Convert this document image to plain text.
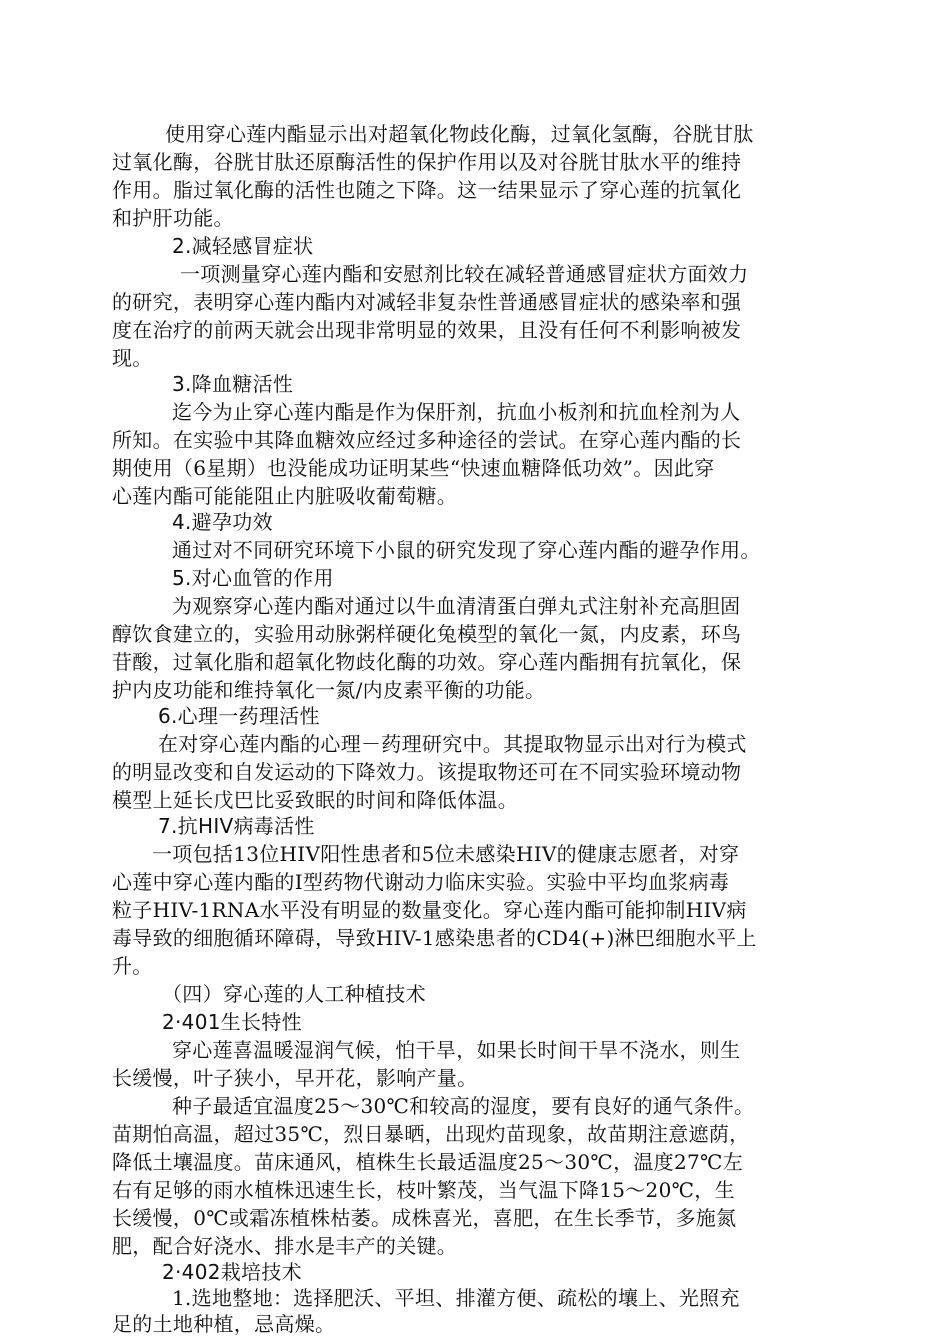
使用穿心莲内酯显示出对超氧化物歧化酶，过氧化氢酶，谷胱甘肽
过氧化酶，谷胱甘肽还原酶活性的保护作用以及对谷胱甘肽水平的维持
作用。脂过氧化酶的活性也随之下降。这一结果显示了穿心莲的抗氧化
和护肝功能。
2.减轻感冒症状
一项测量穿心莲内酯和安慰剂比较在减轻普通感冒症状方面效力
的研究，表明穿心莲内酯内对减轻非复杂性普通感冒症状的感染率和强
度在治疗的前两天就会出现非常明显的效果，且没有任何不利影响被发
现。
3.降血糖活性
迄今为止穿心莲内酯是作为保肝剂，抗血小板剂和抗血栓剂为人
所知。在实验中其降血糖效应经过多种途径的尝试。在穿心莲内酯的长
期使用（6星期）也没能成功证明某些“快速血糖降低功效”。因此穿
心莲内酯可能能阻止内脏吸收葡萄糖。
4.避孕功效
通过对不同研究环境下小鼠的研究发现了穿心莲内酯的避孕作用。
5.对心血管的作用
为观察穿心莲内酯对通过以牛血清清蛋白弹丸式注射补充高胆固
醇饮食建立的，实验用动脉粥样硬化兔模型的氧化一氮，内皮素，环鸟
苷酸，过氧化脂和超氧化物歧化酶的功效。穿心莲内酯拥有抗氧化，保
护内皮功能和维持氧化一氮/内皮素平衡的功能。
6.心理一药理活性
在对穿心莲内酯的心理－药理研究中。其提取物显示出对行为模式
的明显改变和自发运动的下降效力。该提取物还可在不同实验环境动物
模型上延长戊巴比妥致眠的时间和降低体温。
7.抗HIV病毒活性
一项包括13位HIV阳性患者和5位未感染HIV的健康志愿者，对穿
心莲中穿心莲内酯的Ⅰ型药物代谢动力临床实验。实验中平均血浆病毒
粒子HIV-1RNA水平没有明显的数量变化。穿心莲内酯可能抑制HIV病
毒导致的细胞循环障碍，导致HIV-1感染患者的CD4(+)淋巴细胞水平上
升。
（四）穿心莲的人工种植技术
2·401生长特性
穿心莲喜温暖湿润气候，怕干旱，如果长时间干旱不浇水，则生
长缓慢，叶子狭小，早开花，影响产量。
种子最适宜温度25～30℃和较高的湿度，要有良好的通气条件。
苗期怕高温，超过35℃，烈日暴晒，出现灼苗现象，故苗期注意遮荫，
降低土壤温度。苗床通风，植株生长最适温度25～30℃，温度27℃左
右有足够的雨水植株迅速生长，枝叶繁茂，当气温下降15～20℃，生
长缓慢，0℃或霜冻植株枯萎。成株喜光，喜肥，在生长季节，多施氮
肥，配合好浇水、排水是丰产的关键。
2·402栽培技术
1.选地整地：选择肥沃、平坦、排灌方便、疏松的壤上、光照充
足的土地种植，忌高燥。
